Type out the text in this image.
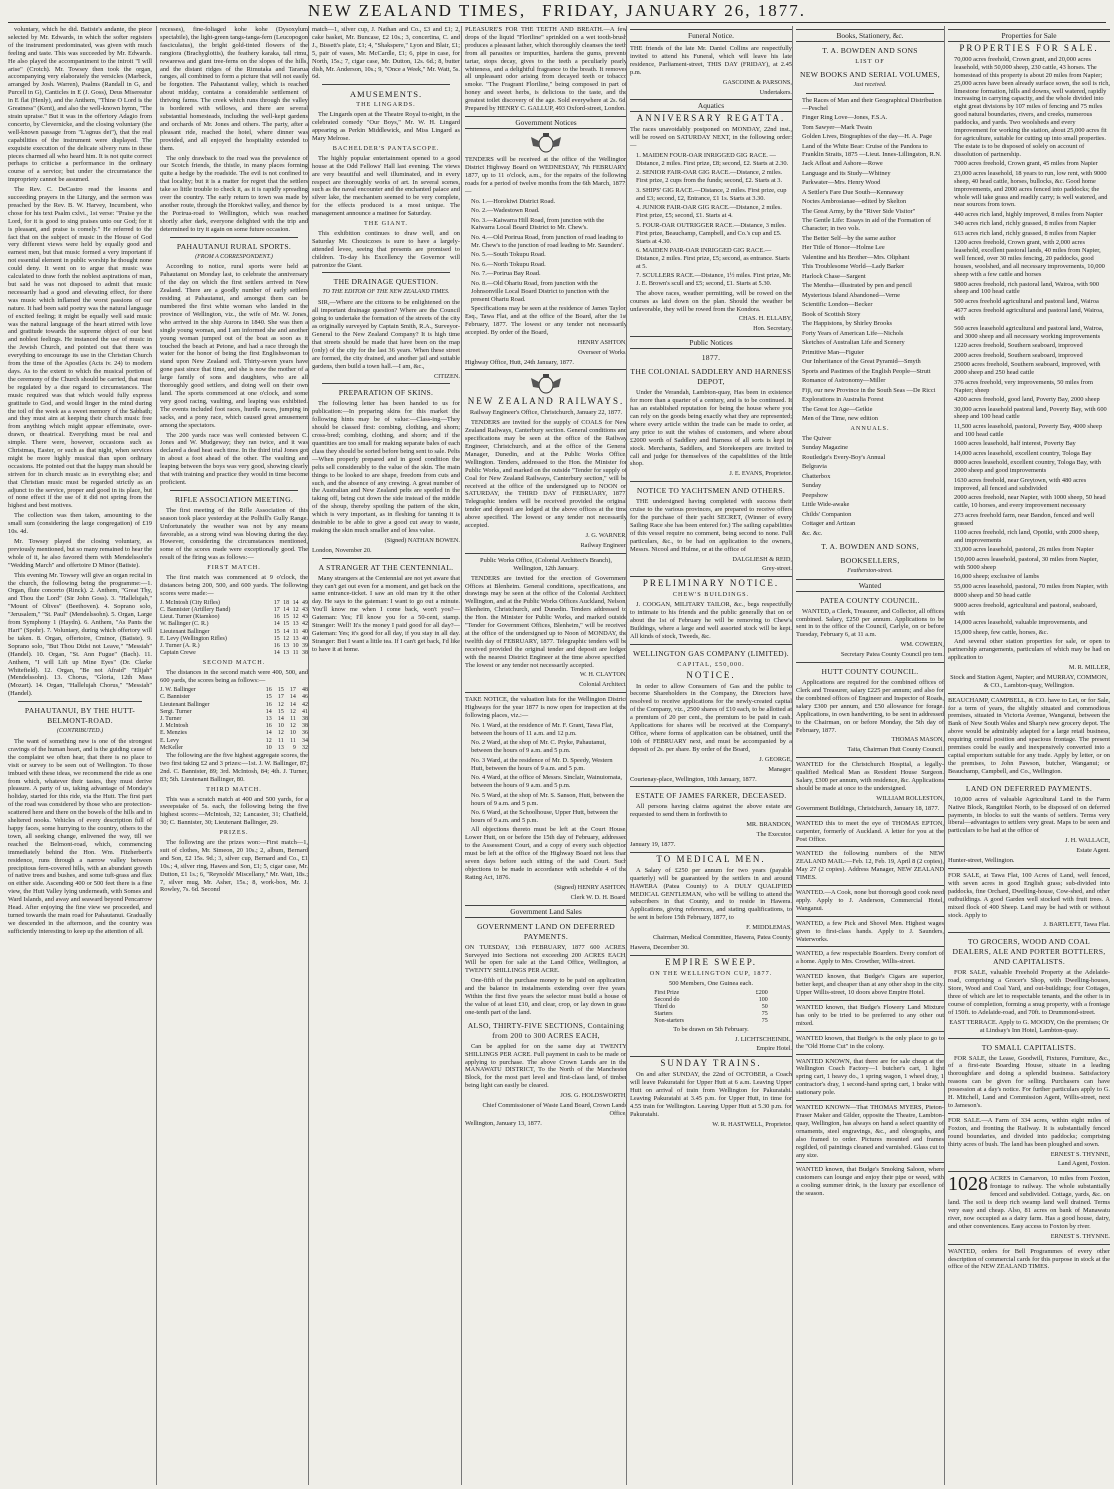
NEW ZEALAND TIMES, FRIDAY, JANUARY 26, 1877.

voluntary, which he did. Batiste's andante, the piece selected by Mr. Edwards, in which the softer registers of the instrument predominated, was given with much feeling and taste. This was succeeded by Mr. Edwards. He also played the accompaniment to the introit "I will arise" (Crotch). Mr. Towsey then took the organ, accompanying very elaborately the versicles (Marbeck, arranged by Josh. Warren), Psalms (Randall in G, and Purcell in G), Canticles in E (J. Goss), Deus Misereatur in E flat (Henly), and the Anthem, "Thine O Lord is the Greatness" (Kent), and also the well-known hymn, "The strain upraise." But it was in the offertory Adagio from concerto, by Clevernicke, and the closing voluntary (the well-known passage from "L'agnus dei"), that the real capabilities of the instrument were displayed. The exquisite execution of the delicate silvery runs in these pieces charmed all who heard him. It is not quite correct perhaps to criticise a performance in the ordinary course of a service; but under the circumstance the impropriety cannot be assumed.

The Rev. C. DeCastro read the lessons and succeeding prayers in the Liturgy, and the sermon was preached by the Rev. B. W. Harvey, Incumbent, who chose for his text Psalm cxlvi., 1st verse: "Praise ye the Lord, for it is good to sing praises unto our God; for it is pleasant, and praise is comely." He referred to the fact that on the subject of music in the House of God very different views were held by equally good and earnest men, but that music formed a very important if not essential element in public worship he thought none could deny. It went on to argue that music was calculated to draw forth the noblest aspirations of man, but said he was not disposed to admit that music necessarily had a good and elevating effect, for there was music which inflamed the worst passions of our nature. It had been said poetry was the natural language of excited feeling; it might be equally well said music was the natural language of the heart stirred with love and gratitude towards the supreme object of our best and noblest feelings. He instanced the use of music in the Jewish Church, and pointed out that there was everything to encourage its use in the Christian Church from the time of the Apostles (Acts iv. 24) to modern days. As to the extent to which the musical portion of the ceremony of the Church should be carried, that must be regulated by a due regard to circumstances. The music required was that which would fully express gratitude to God, and would linger in the mind during the toil of the week as a sweet memory of the Sabbath; and they must aim at keeping their church music free from anything which might appear effeminate, over-drawn, or theatrical. Everything must be real and simple. There were, however, occasions such as Christmas, Easter, or such as that night, when services might be more highly musical than upon ordinary occasions. He pointed out that the happy man should be striven for in church music as in everything else; and that Christian music must be regarded strictly as an adjunct to the service, proper and good in its place, but of none effect if the use of it did not spring from the highest and best motives.

The collection was then taken, amounting to the small sum (considering the large congregation) of £19 10s. 4d.

Mr. Towsey played the closing voluntary, as previously mentioned, but so many remained to hear the whole of it, he also favored them with Mendelssohn's "Wedding March" and offertoire D Minor (Batiste).

This evening Mr. Towsey will give an organ recital in the church, the following being the programme:—1. Organ, flute concerto (Rinck). 2. Anthem, "Great Thy, and Thou the Lord" (Sir John Goss). 3. "Hallelujah," "Mount of Olives" (Beethoven). 4. Soprano solo, "Jerusalem," "St. Paul" (Mendelssohn). 5. Organ, Large from Symphony 1 (Haydn). 6. Anthem, "As Pants the Hart" (Spohr). 7. Voluntary, during which offertory will be taken. 8. Organ, offertoire, Cminor, (Batiste). 9. Soprano solo, "But Thou Didst not Leave," "Messiah" (Handel). 10. Organ, "St. Ann Fugue" (Bach). 11. Anthem, "I will Lift up Mine Eyes" (Dr. Clarke Whitefield). 12. Organ, "Be not Afraid" "Elijah" (Mendelssohn). 13. Chorus, "Gloria, 12th Mass (Mozart). 14. Organ, "Hallelujah Chorus," "Messiah" (Handel).

PAHAUTANUI, BY THE HUTT-BELMONT-ROAD.
(CONTRIBUTED.)

The want of something new is one of the strongest cravings of the human heart, and is the guiding cause of the complaint we often hear, that there is no place to visit or survey to be seen out of Wellington. To those imbued with these ideas, we recommend the ride as one from which, whatever their tastes, they must derive pleasure. A party of us, taking advantage of Monday's holiday, started for this ride, via the Hutt. The first part of the road was considered by those who are protection-scattered here and there on the bowels of the hills and in sheltered nooks. Vehicles of every description full of happy faces, some hurrying to the country, others to the town, all seeking change, enlivened the way, till we reached the Belmont-road, which, commencing immediately behind the Hon. Wm. Fitzherbert's residence, runs through a narrow valley between precipitous fern-covered hills, with an abundant growth of native trees and bushes, and some tuft-grass and flax on either side. Ascending 400 or 500 feet there is a fine view, the Hutt Valley lying underneath, with Somes and Ward Islands, and away and seaward beyond Pencarrow Head. After enjoying the fine view we proceeded, and turned towards the main road for Pahautanui. Gradually we descended in the afternoon, and the country was sufficiently interesting to keep up the attention of all.

recesses), fine-foliaged kohe kohe (Dysoxylum spectabile), the light-green tangs-tanga-fern (Leucopogon fasciculatus), the bright gold-tinted flowers of the rangiora (Brachyglottis), the feathery karaka, tall rimu, rewarewa and giant tree-ferns on the slopes of the hills, and the distant ridges of the Rimutaka and Tararua ranges, all combined to form a picture that will not easily be forgotten. The Pahautanui valley, which is reached about midday, contains a considerable settlement of thriving farms. The creek which runs through the valley is bordered with willows, and there are several substantial homesteads, including the well-kept gardens and orchards of Mr. Jones and others. The party, after a pleasant ride, reached the hotel, where dinner was provided, and all enjoyed the hospitality extended to them.

The only drawback to the road was the prevalence of our Scotch friends, the thistle, in many places forming quite a hedge by the roadside. The evil is not confined to that locality; but it is a matter for regret that the settlers take so little trouble to check it, as it is rapidly spreading over the country. The early return to town was made by another route, through the Horokiwi valley, and thence by the Porirua-road to Wellington, which was reached shortly after dark, everyone delighted with the trip and determined to try it again on some future occasion.

PAHAUTANUI RURAL SPORTS.
(FROM A CORRESPONDENT.)

According to notice, rural sports were held at Pahautanui on Monday last, to celebrate the anniversary of the day on which the first settlers arrived in New Zealand. There are a goodly number of early settlers residing at Pahautanui, and amongst them can be numbered the first white woman who landed in the province of Wellington, viz., the wife of Mr. W. Jones, who arrived in the ship Aurora in 1840. She was then a single young woman, and I am informed she and another young woman jumped out of the boat as soon as it touched the beach at Petone, and had a race through the water for the honor of being the first Englishwoman to stand upon New Zealand soil. Thirty-seven years have gone past since that time, and she is now the mother of a large family of sons and daughters, who are all thoroughly good settlers, and doing well on their own land. The sports commenced at one o'clock, and some very good racing, vaulting, and leaping was exhibited. The events included foot races, hurdle races, jumping in sacks, and a pony race, which caused great amusement among the spectators.

The 200 yards race was well contested between C. Jones and W. Mudgeway; they ran twice, and it was declared a dead heat each time. In the third trial Jones got in about a foot ahead of the other. The vaulting and leaping between the boys was very good, showing clearly that with training and practice they would in time become proficient.

RIFLE ASSOCIATION MEETING.

The first meeting of the Rifle Association of this season took place yesterday at the Polhill's Gully Range. Unfortunately the weather was not by any means favorable, as a strong wind was blowing during the day. However, considering the circumstances mentioned, some of the scores made were exceptionally good. The result of the firing was as follows:—

FIRST MATCH.

The first match was commenced at 9 o'clock, the distances being 200, 500, and 600 yards. The following scores were made:—

J. McIntosh (City Rifles)	17	18	14	49
C. Bannister (Artillery Band)	17	14	12	43
Lieut. Turner (Ktamkoo)	16	15	12	43
W. Ballinger (C. R.)	14	15	13	42
Lieutenant Ballinger	15	14	11	40
E. Levy (Wellington Rifles)	15	12	13	40
J. Turner (A. R.)	16	13	10	39
Captain Crewe	14	13	11	38
SECOND MATCH.

The distances in the second match were 400, 500, and 600 yards, the scores being as follows:—

J. W. Ballinger	16	15	17	48
C. Bannister	15	17	14	46
Lieutenant Ballinger	16	12	14	42
Sergt. Turner	14	15	12	41
J. Turner	13	14	11	38
J. McIntosh	16	10	12	38
E. Menzies	14	12	10	36
E. Levy	12	11	11	34
McKeller	10	13	9	32

The following are the five highest aggregate scores, the two first taking £2 and 3 prizes:—1st. J. W. Ballinger, 87; 2nd. C. Bannister, 89; 3rd. McIntosh, 84; 4th. J. Turner, 83; 5th. Lieutenant Ballinger, 80.

THIRD MATCH.

This was a scratch match at 400 and 500 yards, for a sweepstake of 5s. each, the following being the five highest scores:—McIntosh, 32; Lancaster, 31; Chatfield, 30; C. Bannister, 30; Lieutenant Ballinger, 29.

PRIZES.

The following are the prizes won:—First match—1, suit of clothes, Mr. Simeon, 20 10s.; 2, album, Bernard and Son, £2 15s. 9d.; 3, silver cup, Bernard and Co., £1 10s.; 4, silver ring, Hawes and Son, £1; 5, cigar case, Mr. Dutton, £1 1s.; 6, "Reynolds' Miscellany," Mr. Watt, 18s.; 7, silver mug, Mr. Asher, 15s.; 8, work-box, Mr. J. Rowley, 7s. 6d. Second

match—1, silver cup, J. Nathan and Co., £3 and £1; 2, cake basket, Mr. Buncase, £2 10s.; 3, concertina, C. and J., Bissett's plate, £1; 4, "Shakspere," Lyon and Blair, £1; 5, pair of vases, Mr. McCardle, £1; 6, pipe in case, for North, 15s.; 7, cigar case, Mr. Dutton, 12s. 6d.; 8, butter dish, Mr. Anderson, 10s.; 9, "Once a Week," Mr. Watt, 5s. 6d.

AMUSEMENTS.
THE LINGARDS.

The Lingards open at the Theatre Royal to-night, in the celebrated comedy "Our Boys," Mr. W. H. Lingard appearing as Perkin Middlewick, and Miss Lingard as Mary Melrose.

BACHELDER'S PANTASCOPE.

The highly popular entertainment opened to a good house at the Odd Fellows' Hall last evening. The views are very beautiful and well illuminated, and in every respect are thoroughly works of art. In several scenes, such as the naval encounter and the enchanted palace and silver lake, the mechanism seemed to be very complete, for the effects produced is a most unique. The management announce a matinee for Saturday.

THE GIANT.

This exhibition continues to draw well, and on Saturday Mr. Chouiczoes is sure to have a largely-attended levee, seeing that presents are promised to children. To-day his Excellency the Governor will patronize the Giant.

THE DRAINAGE QUESTION.
TO THE EDITOR OF THE NEW ZEALAND TIMES.

SIR,—Where are the citizens to be enlightened on the all important drainage question? Where are the Council going to undertake the formation of the streets of the city as originally surveyed by Captain Smith, R.A., Surveyor-General to the New Zealand Company? It is high time that streets should be made that have been on the map (only) of the city for the last 36 years. When these street are formed, the city drained, and another jail and suitable gardens, then build a town hall.—I am, &c.,

CITIZEN.

PREPARATION OF SKINS.

The following letter has been handed to us for publication:—In preparing skins for this market the following hints may be of value:—Class-ing—They should be classed first: combing, clothing, and shorn; cross-bred; combing, clothing, and shorn; and if the quantities are too small for making separate bales of each class they should be sorted before being sent to sale. Pelts—When properly prepared and in good condition the pelts sell considerably to the value of the skin. The main things to be looked to are shape, freedom from cuts and such, and the absence of any crewing. A great number of the Australian and New Zealand pelts are spoiled in the taking off, being cut down the side instead of the middle of the shoup, thereby spoiling the pattern of the skin, which is very important, as in fleshing for tanning it is desirable to be able to give a good cut away to waste, making the skin much smaller and of less value.

(Signed) NATHAN BOWEN.

London, November 20.

A STRANGER AT THE CENTENNIAL.

Many strangers at the Centennial are not yet aware that they can't get out even for a moment, and get back on the same entrance-ticket. I saw an old man try it the other day. He says to the gateman: I want to go out a minute. You'll know me when I come back, won't you?—Gateman: Yes; I'll know you for a 50-cent, stamp. Stranger: Well! It's the money I paid good for all day?—Gateman: Yes; it's good for all day, if you stay in all day. Stranger: But I want a little tea. If I can't get back, I'd like to have it at home.

PLEASURE'S FOR THE TEETH AND BREATH.—A few drops of the liquid "Floriline" sprinkled on a wet tooth-brush produces a pleasant lather, which thoroughly cleanses the teeth from all parasites or impurities, hardens the gums, prevents tartar, stops decay, gives to the teeth a peculiarly pearly whiteness, and a delightful fragrance to the breath. It removes all unpleasant odor arising from decayed teeth or tobacco smoke. "The Fragrant Floriline," being composed in part of honey and sweet herbs, is delicious to the taste, and the greatest toilet discovery of the age. Sold everywhere at 2s. 6d. Prepared by HENRY C. GALLUP, 493 Oxford-street, London.

Government Notices

TENDERS will be received at the office of the Wellington District Highway Board on WEDNESDAY, 7th FEBRUARY, 1877, up to 11 o'clock, a.m., for the repairs of the following roads for a period of twelve months from the 6th March, 1877:—

No. 1.—Horokiwi District Road.

No. 2.—Wadestown Road.

No. 3.—Kaiwarra Hill Road, from junction with the Kaiwarra Local Board District to Mr. Chew's.

No. 4.—Old Porirua Road, from junction of road leading to Mr. Chew's to the junction of road leading to Mr. Saunders'.

No. 5.—South Tokupu Road.

No. 6.—North Tokupu Road.

No. 7.—Porirua Bay Road.

No. 8.—Old Ohariu Road, from junction with the Johnsonville Local Board District to junction with the present Ohariu Road.

Specifications may be seen at the residence of James Taylor, Esq., Tawa Flat, and at the office of the Board, after the 1st February, 1877. The lowest or any tender not necessarily accepted. By order of the Board,

HENRY ASHTON,

Overseer of Works.

Highway Office, Hutt, 24th January, 1877.

NEW ZEALAND RAILWAYS.

Railway Engineer's Office, Christchurch, January 22, 1877.

TENDERS are invited for the supply of COALS for New Zealand Railways, Canterbury section. General conditions and specifications may be seen at the office of the Railway Engineer, Christchurch, and at the office of the General Manager, Dunedin, and at the Public Works Office, Wellington. Tenders, addressed to the Hon. the Minister for Public Works, and marked on the outside "Tender for supply of Coal for New Zealand Railways, Canterbury section," will be received at the office of the undersigned up to NOON on SATURDAY, the THIRD DAY of FEBRUARY, 1877. Telegraphic tenders will be received provided the original tender and deposit are lodged at the above offices at the time above specified. The lowest or any tender not necessarily accepted.

J. G. WARNER,

Railway Engineer.

Public Works Office, (Colonial Architect's Branch), Wellington, 12th January.

TENDERS are invited for the erection of Government Offices at Blenheim. General conditions, specifications, and drawings may be seen at the office of the Colonial Architect, Wellington, and at the Public Works Offices Auckland, Nelson, Blenheim, Christchurch, and Dunedin. Tenders addressed to the Hon. the Minister for Public Works, and marked outside "Tender for Government Offices, Blenheim," will be received at the office of the undersigned up to Noon of MONDAY, the twelfth day of FEBRUARY, 1877. Telegraphic tenders will be received provided the original tender and deposit are lodged with the nearest District Engineer at the time above specified. The lowest or any tender not necessarily accepted.

W. H. CLAYTON,

Colonial Architect.

TAKE NOTICE, the valuation lists for the Wellington District Highways for the year 1877 is now open for inspection at the following places, viz.:—

No. 1 Ward, at the residence of Mr. F. Grant, Tawa Flat, between the hours of 11 a.m. and 12 p.m.

No. 2 Ward, at the shop of Mr. C. Pryke, Pahautanui, between the hours of 9 a.m. and 5 p.m.

No. 3 Ward, at the residence of Mr. D. Speedy, Western Hutt, between the hours of 9 a.m. and 5 p.m.

No. 4 Ward, at the office of Messrs. Sinclair, Wainuiomata, between the hours of 9 a.m. and 5 p.m.

No. 5 Ward, at the shop of Mr. S. Sanson, Hutt, between the hours of 9 a.m. and 5 p.m.

No. 6 Ward, at the Schoolhouse, Upper Hutt, between the hours of 9 a.m. and 5 p.m.

All objections thereto must be left at the Court House, Lower Hutt, on or before the 15th day of February, addressed to the Assessment Court, and a copy of every such objection must be left at the office of the Highway Board not less than seven days before such sitting of the said Court. Such objections to be made in accordance with schedule 4 of the Rating Act, 1876.

(Signed) HENRY ASHTON,

Clerk W. D. H. Board.

Government Land Sales
GOVERNMENT LAND ON DEFERRED PAYMENTS.

ON TUESDAY, 13th FEBRUARY, 1877 600 ACRES, Surveyed into Sections not exceeding 200 ACRES EACH, Will be open for sale at the Land Office, Wellington, at TWENTY SHILLINGS PER ACRE.

One-fifth of the purchase money to be paid on application, and the balance in instalments extending over five years. Within the first five years the selector must build a house of the value of at least £10, and clear, crop, or lay down in grass one-tenth part of the land.

ALSO, THIRTY-FIVE SECTIONS, Containing from 200 to 300 ACRES EACH,

Can be applied for on the same day at TWENTY SHILLINGS PER ACRE. Full payment in cash to be made on applying to purchase. The above Crown Lands are in the MANAWATU DISTRICT, To the North of the Manchester Block, for the most part level and first-class land, of timber being light can easily be cleared.

JOS. G. HOLDSWORTH,

Chief Commissioner of Waste Land Board, Crown Lands Office,

Wellington, January 13, 1877.

Funeral Notice.

THE friends of the late Mr. Daniel Collins are respectfully invited to attend his Funeral, which will leave his late residence, Parliament-street, THIS DAY (FRIDAY), at 2.45 p.m.

GASCOINE & PARSONS,

Undertakers.

Aquatics
ANNIVERSARY REGATTA.

The races unavoidably postponed on MONDAY, 22nd inst., will be rowed on SATURDAY NEXT, in the following order:—

1. MAIDEN FOUR-OAR INRIGGED GIG RACE. —Distance, 2 miles. First prize, £8; second, £2. Starts at 2.30.

2. SENIOR FAIR-OAR GIG RACE.—Distance, 2 miles. First prize, 2 cups from the funds; second, £2. Starts at 3.

3. SHIPS' GIG RACE.—Distance, 2 miles. First prize, cup and £3; second, £2, Entrance, £1 1s. Starts at 3.30.

4. JUNIOR FAIR-OAR GIG RACE.—Distance, 2 miles. First prize, £5; second, £1. Starts at 4.

5. FOUR-OAR OUTRIGGER RACE.—Distance, 3 miles. First prize, Beauchamp, Campbell, and Co.'s cup and £5. Starts at 4.30.

6. MAIDEN PAIR-OAR INRIGGED GIG RACE.—Distance, 2 miles. First prize, £5; second, as entrance. Starts at 5.

7. SCULLERS RACE.—Distance, 1½ miles. First prize, Mr. J. E. Brown's scull and £5; second, £1. Starts at 5.30.

The above races, weather permitting, will be rowed on the courses as laid down on the plan. Should the weather be unfavorable, they will be rowed from the Kondora.

CHAS. H. ELLABY,

Hon. Secretary.

Public Notices
1877.
THE COLONIAL SADDLERY AND HARNESS DEPOT,

Under the Verandah, Lambton-quay, Has been in existence for more than a quarter of a century, and is to be continued. It has an established reputation for being the house where you can rely on the goods being exactly what they are represented; where every article within the trade can be made to order, at any price to suit the wishes of customers, and where about £2000 worth of Saddlery and Harness of all sorts is kept in stock. Merchants, Saddlers, and Storekeepers are invited to call and judge for themselves of the capabilities of the little shop.

J. E. EVANS, Proprietor.

NOTICE TO YACHTSMEN AND OTHERS.

THE undersigned having completed with success their cruise to the various provinces, are prepared to receive offers for the purchase of their yacht SECRET, (Winner of every Sailing Race she has been entered for.) The sailing capabilities of this vessel require no comment, being second to none. Full particulars, &c., to be had on application to the owners, Messrs. Nicool and Hulme, or at the office of

DALGLIESH & REID,

Grey-street.

PRELIMINARY NOTICE.
CHEW'S BUILDINGS.

J. COOGAN, MILITARY TAILOR, &c., begs respectfully to intimate to his friends and the public generally that on or about the 1st of February he will be removing to Chew's Buildings, where a large and well assorted stock will be kept. All kinds of stock, Tweeds, &c.

WELLINGTON GAS COMPANY (LIMITED).
CAPITAL, £50,000.
NOTICE.

In order to allow Consumers of Gas and the public to become Shareholders in the Company, the Directors have resolved to receive applications for the newly-created capital of the Company, viz., 2500 shares of £10 each, to be allotted at a premium of 20 per cent., the premium to be paid in cash. Applications for shares will be received at the Company's Office, where forms of application can be obtained, until the 10th of FEBRUARY next, and must be accompanied by a deposit of 2s. per share. By order of the Board,

J. GEORGE,

Manager.

Courtenay-place, Wellington, 10th January, 1877.

ESTATE OF JAMES FARKER, DECEASED.

All persons having claims against the above estate are requested to send them in forthwith to

MR. BRANDON,

The Executor.

January 19, 1877.

TO MEDICAL MEN.

A Salary of £250 per annum for two years (payable quarterly) will be guaranteed by the settlers in and around HAWERA (Patea County) to A DULY QUALIFIED MEDICAL GENTLEMAN, who will be willing to attend the subscribers in that County, and to reside in Hawera. Applications, giving references, and stating qualifications, to be sent in before 15th February, 1877, to

F. MIDDLEMAS,

Chairman, Medical Committee, Hawera, Patea County.

Hawera, December 30.

EMPIRE SWEEP.
ON THE WELLINGTON CUP, 1877.

500 Members, One Guinea each.

First Prize	£200
Second do	100
Third do	50
Starters	75
Non-starters	75

To be drawn on 5th February.

J. LICHTSCHEINDL,

Empire Hotel.

SUNDAY TRAINS.

On and after SUNDAY, the 22nd of OCTOBER, a Coach will leave Pakuratahi for Upper Hutt at 6 a.m. Leaving Upper Hutt on arrival of train from Wellington for Pakuratahi. Leaving Pakuratahi at 3.45 p.m. for Upper Hutt, in time for 4.55 train for Wellington. Leaving Upper Hutt at 5.30 p.m. for Pakuratahi.

W. R. HASTWELL, Proprietor.

Books, Stationery, &c.
T. A. BOWDEN AND SONS
LIST OF
NEW BOOKS AND SERIAL VOLUMES,
Just received.

The Races of Man and their Geographical Distribution—Peschel

Finger Ring Love—Jones, F.S.A.

Tom Sawyer—Mark Twain

Golden Lives, Biographies of the day—H. A. Page

Land of the White Bear: Cruise of the Pandora to Franklin Straits, 1875 —Lieut. Innes-Lillingston, R.N.

Jack Afloat and Ashore—Rowe

Language and its Study—Whitney

Parkwater—Mrs. Henry Wood

A Settler's Fare Due South—Kennaway

Noctes Ambrosianae—edited by Skelton

The Great Army, by the "River Side Visitor"

The Gentle Life: Essays in aid of the Formation of Character; in two vols.

The Better Self—by the same author

Her Title of Honor—Holme Lee

Valentine and his Brother—Mrs. Oliphant

This Troublesome World—Lady Barker

Harlock Chase—Sargent

The Mentha—illustrated by pen and pencil

Mysterious Island Abandoned—Verne

Scientific London—Becker

Book of Scottish Story

The Happistons, by Shirley Brooks

Forty Years of American Life—Nichols

Sketches of Australian Life and Scenery

Primitive Man—Figuier

Our Inheritance of the Great Pyramid—Smyth

Sports and Pastimes of the English People—Strutt

Romance of Astronomy—Miller

Fiji, our new Province in the South Seas —De Ricci

Explorations in Australia Forest

The Great Ice Age—Geikie

Men of the Time, new edition

ANNUALS.

The Quiver

Sunday Magazine

Routledge's Every-Boy's Annual

Belgravia

Chatterbox

Sunday

Peepshow

Little Wide-awake

Childs' Companion

Cottager and Artizan

&c. &c.

T. A. BOWDEN AND SONS,
BOOKSELLERS,
Featherston-street.
Wanted
PATEA COUNTY COUNCIL.

WANTED, a Clerk, Treasurer, and Collector, all offices combined. Salary, £250 per annum. Applications to be sent in to the office of the Council, Carlyle, on or before Tuesday, February 6, at 11 a.m.

WM. COWERN,

Secretary Patea County Council pro tem.

HUTT COUNTY COUNCIL.

Applications are required for the combined offices of Clerk and Treasurer, salary £225 per annum; and also for the combined offices of Engineer and Inspector of Roads, salary £300 per annum, and £50 allowance for forage. Applications, in own handwriting, to be sent in addressed to the Chairman, on or before Monday, the 5th day of February, 1877.

THOMAS MASON,

Taita, Chairman Hutt County Council.

WANTED for the Christchurch Hospital, a legally-qualified Medical Man as Resident House Surgeon. Salary, £300 per annum, with residence, &c. Applications should be made at once to the undersigned.

WILLIAM ROLLESTON,

Government Buildings, Christchurch, January 18, 1877.

WANTED this to meet the eye of THOMAS EPTON, carpenter, formerly of Auckland. A letter for you at the Post Office.

WANTED the following numbers of the NEW ZEALAND MAIL:—Feb. 12, Feb. 19, April 8 (2 copies), May 27 (2 copies). Address Manager, NEW ZEALAND TIMES.

WANTED.—A Cook, none but thorough good cook need apply. Apply to J. Anderson, Commercial Hotel, Wanganui.

WANTED, a few Pick and Shovel Men. Highest wages given to first-class hands. Apply to J. Saunders, Waterworks.

WANTED, a few respectable Boarders. Every comfort of a home. Apply to Mrs. Crowther, Willis-street.

WANTED known, that Budge's Cigars are superior, better kept, and cheaper than at any other shop in the city. Upper Willis-street, 10 doors above Empire Hotel.

WANTED known, that Budge's Flowery Land Mixture has only to be tried to be preferred to any other out mixed.

WANTED known, that Budge's is the only place to go to the "Old Home Cut" in the colony.

WANTED KNOWN, that there are for sale cheap at the Wellington Coach Factory—1 butcher's cart, 1 light spring cart, 1 heavy do., 1 spring wagon, 1 wheel dray, 1 contractor's dray, 1 second-hand spring cart, 1 brake with stationary pole.

WANTED KNOWN—That THOMAS MYERS, Pieton-Fraser Maker and Gilder, opposite the Theatre, Lambton-quay, Wellington, has always on hand a select quantity of ornaments, steel engravings, &c., and oleographs, and also framed to order. Pictures mounted and frames regilded, oil paintings cleaned and varnished. Glass cut to any size.

WANTED known, that Budge's Smoking Saloon, where customers can lounge and enjoy their pipe or weed, with a cooling summer drink, is the luxury par excellence of the season.

Properties for Sale
PROPERTIES FOR SALE.

70,000 acres freehold, Crown grant, and 20,000 acres leasehold, with 50,000 sheep, 230 cattle, 43 horses. The homestead of this property is about 20 miles from Napier; 25,000 acres have been already surface sown, the soil is rich, limestone formation, hills and downs, well watered, rapidly increasing in carrying capacity, and the whole divided into eight great divisions by 107 miles of fencing and 75 miles good natural boundaries, rivers, and creeks, numerous paddocks, and yards. Two woolsheds and every improvement for working the station, about 25,000 acres fit for agriculture, suitable for cutting up into small properties. The estate is to be disposed of solely on account of dissolution of partnership.

7000 acres freehold, Crown grant, 45 miles from Napier

23,000 acres leasehold, 18 years to run, low rent, with 9000 sheep, 40 head cattle, horses, bullocks, &c. Good home improvements, and 2000 acres fenced into paddocks; the whole will take grass and readily carry; is well watered, and near sources from town.

440 acres rich land, highly improved, 8 miles from Napier

340 acres rich land, richly grassed, 8 miles from Napier

613 acres rich land, richly grassed, 8 miles from Napier

1200 acres freehold, Crown grant, with 2,000 acres leasehold, excellent pastoral lands, 40 miles from Napier, well fenced, over 30 miles fencing, 20 paddocks, good houses, woolshed, and all necessary improvements, 10,000 sheep with a few cattle and horses

9800 acres freehold, rich pastoral land, Wairoa, with 900 sheep and 100 head cattle

500 acres freehold agricultural and pastoral land, Wairoa

4677 acres freehold agricultural and pastoral land, Wairoa, with

560 acres leasehold agricultural and pastoral land, Wairoa, and 3000 sheep and all necessary working improvements

1220 acres freehold, Southern seaboard, improved

2000 acres freehold, Southern seaboard, improved

25000 acres freehold, Southern seaboard, improved, with 2000 sheep and 250 head cattle

376 acres freehold, very improvements, 50 miles from Napier; sheep

4200 acres freehold, good land, Poverty Bay, 2000 sheep

30,000 acres leasehold pastoral land, Poverty Bay, with 600 sheep and 100 head cattle

11,500 acres leasehold, pastoral, Poverty Bay, 4000 sheep and 100 head cattle

1600 acres leasehold, half interest, Poverty Bay

14,000 acres leasehold, excellent country, Tologa Bay

8000 acres leasehold, excellent country, Tologa Bay, with 2000 sheep and good improvements

1630 acres freehold, near Greytown, with 480 acres improved, all fenced and subdivided

2000 acres freehold, near Napier, with 1000 sheep, 50 head cattle, 10 horses, and every improvement necessary

273 acres freehold farm, near Bandon, fenced and well grassed

1100 acres freehold, rich land, Opotiki, with 2000 sheep, and improvements

33,000 acres leasehold, pastoral, 26 miles from Napier

150,000 acres leasehold, pastoral, 30 miles from Napier, with 5000 sheep

16,000 sheep; exclusive of lambs

55,000 acres leasehold, pastoral, 70 miles from Napier, with

8000 sheep and 50 head cattle

9000 acres freehold, agricultural and pastoral, seaboard, with

14,000 acres leasehold, valuable improvements, and

15,000 sheep, few cattle, horses, &c.

And several other station properties for sale, or open to partnership arrangements, particulars of which may be had on application to

M. R. MILLER,

Stock and Station Agent, Napier; and MURRAY, COMMON, & CO., Lambton-quay, Wellington.

BEAUCHAMP, CAMPBELL, & CO. have to Let, or for Sale, for a term of years, the slightly situated and commodious premises, situated in Victoria Avenue, Wanganui, between the Bank of New South Wales and Sharp's new grocery depot. The above would be admirably adapted for a large retail business, requiring central position and spacious frontage. The present premises could be easily and inexpensively converted into a capital emporium suitable for any trade. Apply by letter, or on the premises, to John Pawson, butcher, Wanganui; or Beauchamp, Campbell, and Co., Wellington.

LAND ON DEFERRED PAYMENTS.

10,000 acres of valuable Agricultural Land in the Farm Native Block, Rangitikei North, to be disposed of on deferred payments, in blocks to suit the wants of settlers. Terms very liberal—advantages to settlers very great. Maps to be seen and particulars to be had at the office of

J. H. WALLACE,

Estate Agent.

Hunter-street, Wellington.

FOR SALE, at Tawa Flat, 100 Acres of Land, well fenced, with seven acres in good English grass; sub-divided into paddocks, fine Orchard, Dwelling-house, Cow-shed, and other outbuildings. A good Garden well stocked with fruit trees. A mixed flock of 400 Sheep. Land may be had with or without stock. Apply to

J. BARTLETT, Tawa Flat.

TO GROCERS, WOOD AND COAL DEALERS, ALE AND PORTER BOTTLERS, AND CAPITALISTS.

FOR SALE, valuable Freehold Property at the Adelaide-road, comprising a Grocer's Shop, with Dwelling-houses, Store, Wood and Coal Yard, and out-buildings; four Cottages, three of which are let to respectable tenants, and the other is in course of completion, forming a snug property, with a frontage of 150ft. to Adelaide-road, and 70ft. to Drummond-street.

EAST TERRACE. Apply to G. MOODY, On the premises; Or at Lindsay's Inn Hotel, Lambton-quay.

TO SMALL CAPITALISTS.

FOR SALE, the Lease, Goodwill, Fixtures, Furniture, &c., of a first-rate Boarding House, situate in a leading thoroughfare and doing a splendid business. Satisfactory reasons can be given for selling. Purchasers can have possession at a day's notice. For further particulars apply to G. H. Mitchell, Land and Commission Agent, Willis-street, next to Jameson's.

FOR SALE.—A Farm of 334 acres, within eight miles of Foxton, and fronting the Railway. It is substantially fenced round boundaries, and divided into paddocks; comprising thirty acres of bush. The land has been ploughed and sown.

ERNEST S. THYNNE,

Land Agent, Foxton.

1028 ACRES in Carnarvon, 10 miles from Foxton, frontage to railway. The whole substantially fenced and subdivided. Cottage, yards, &c. on land. The soil is deep rich swamp land well drained. Terms very easy and cheap. Also, 81 acres on bank of Manawatu river, now occupied as a dairy farm. Has a good house, dairy, and other conveniences. Easy access to Foxton by river.

ERNEST S. THYNNE.

WANTED, orders for Bell Programmes of every other description of commercial cards for this purpose in stock at the office of the NEW ZEALAND TIMES.
